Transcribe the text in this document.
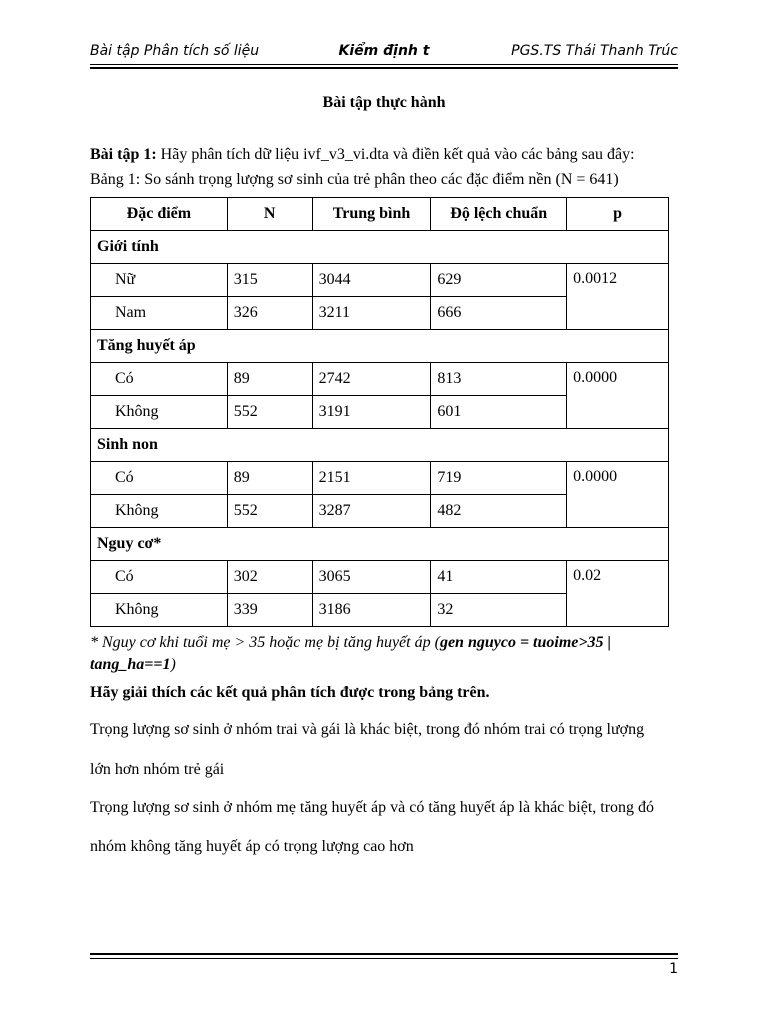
Bài tập Phân tích số liệu	Kiểm định t	PGS.TS Thái Thanh Trúc
Bài tập thực hành
Bài tập 1: Hãy phân tích dữ liệu ivf_v3_vi.dta và điền kết quả vào các bảng sau đây:
Bảng 1: So sánh trọng lượng sơ sinh của trẻ phân theo các đặc điểm nền (N = 641)
Đặc điểm	N	Trung bình	Độ lệch chuẩn	p
Giới tính				
Nữ	315	3044	629	0.0012
Nam	326	3211	666	
Tăng huyết áp				
Có	89	2742	813	0.0000
Không	552	3191	601	
Sinh non				
Có	89	2151	719	0.0000
Không	552	3287	482	
Nguy cơ*				
Có	302	3065	41	0.02
Không	339	3186	32	
* Nguy cơ khi tuổi mẹ > 35 hoặc mẹ bị tăng huyết áp (gen nguyco = tuoime>35 | tang_ha==1)
Hãy giải thích các kết quả phân tích được trong bảng trên.
Trọng lượng sơ sinh ở nhóm trai và gái là khác biệt, trong đó nhóm trai có trọng lượng
lớn hơn nhóm trẻ gái
Trọng lượng sơ sinh ở nhóm mẹ tăng huyết áp và có tăng huyết áp là khác biệt, trong đó
nhóm không tăng huyết áp có trọng lượng cao hơn
1
